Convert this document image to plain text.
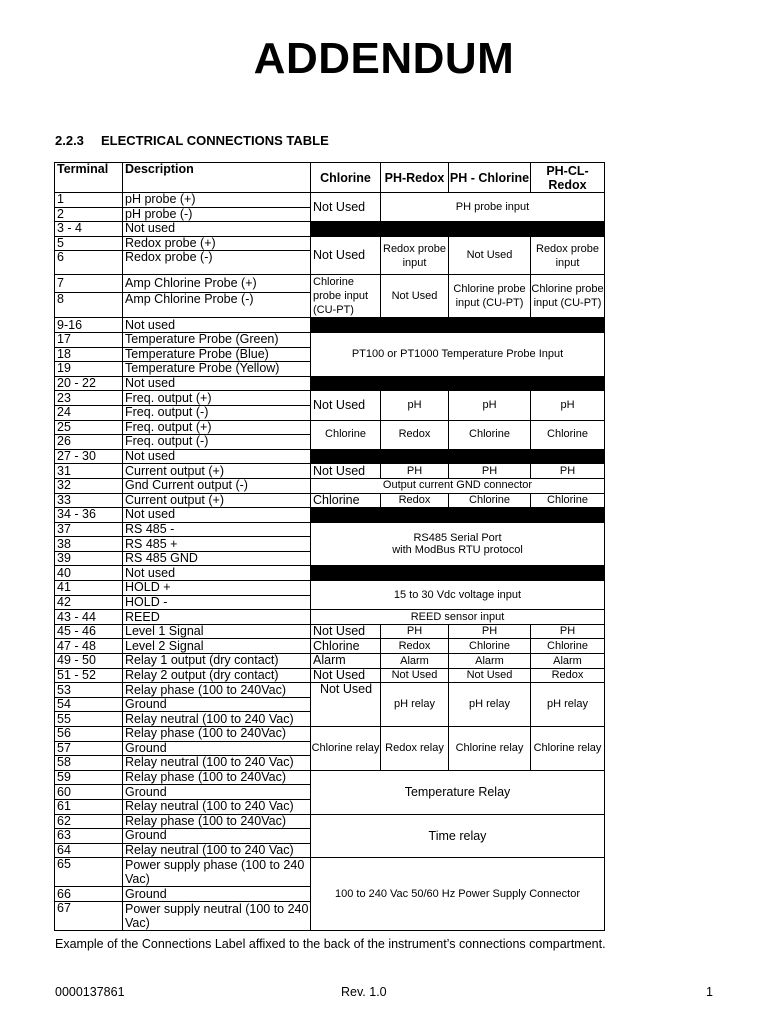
ADDENDUM
2.2.3 ELECTRICAL CONNECTIONS TABLE
Terminal	Description	Chlorine	PH-Redox	PH - Chlorine	PH-CL-Redox
1	pH probe (+)	Not Used	PH probe input		
2	pH probe (-)				
3 - 4	Not used				
5	Redox probe (+)	Not Used	Redox probe input	Not Used	Redox probe input
6	Redox probe (-)				
7	Amp Chlorine Probe (+)	Chlorine probe input (CU-PT)	Not Used	Chlorine probe input (CU-PT)	Chlorine probe input (CU-PT)
8	Amp Chlorine Probe (-)				
9-16	Not used				
17	Temperature Probe (Green)	PT100 or PT1000 Temperature Probe Input			
18	Temperature Probe (Blue)				
19	Temperature Probe (Yellow)				
20 - 22	Not used				
23	Freq. output (+)	Not Used	pH	pH	pH
24	Freq. output (-)				
25	Freq. output (+)	Chlorine	Redox	Chlorine	Chlorine
26	Freq. output (-)				
27 - 30	Not used				
31	Current output (+)	Not Used	PH	PH	PH
32	Gnd Current output (-)	Output current GND connector			
33	Current output (+)	Chlorine	Redox	Chlorine	Chlorine
34 - 36	Not used				
37	RS 485 -	RS485 Serial Port
with ModBus RTU protocol			

38	RS 485 +				
39	RS 485 GND				
40	Not used				
41	HOLD +	15 to 30 Vdc voltage input			
42	HOLD -				
43 - 44	REED	REED sensor input			
45 - 46	Level 1 Signal	Not Used	PH	PH	PH
47 - 48	Level 2 Signal	Chlorine	Redox	Chlorine	Chlorine
49 - 50	Relay 1 output (dry contact)	Alarm	Alarm	Alarm	Alarm
51 - 52	Relay 2 output (dry contact)	Not Used	Not Used	Not Used	Redox
53	Relay phase (100 to 240Vac)	Not Used	pH relay	pH relay	pH relay
54	Ground				
55	Relay neutral (100 to 240 Vac)				
56	Relay phase (100 to 240Vac)	Chlorine relay	Redox relay	Chlorine relay	Chlorine relay
57	Ground				
58	Relay neutral (100 to 240 Vac)				
59	Relay phase (100 to 240Vac)	Temperature Relay			
60	Ground				
61	Relay neutral (100 to 240 Vac)				
62	Relay phase (100 to 240Vac)	Time relay			
63	Ground				
64	Relay neutral (100 to 240 Vac)				
65	Power supply phase (100 to 240 Vac)	100 to 240 Vac 50/60 Hz Power Supply Connector			
66	Ground				
67	Power supply neutral (100 to 240 Vac)				
Example of the Connections Label affixed to the back of the instrument’s connections compartment.
0000137861	Rev. 1.0	1
